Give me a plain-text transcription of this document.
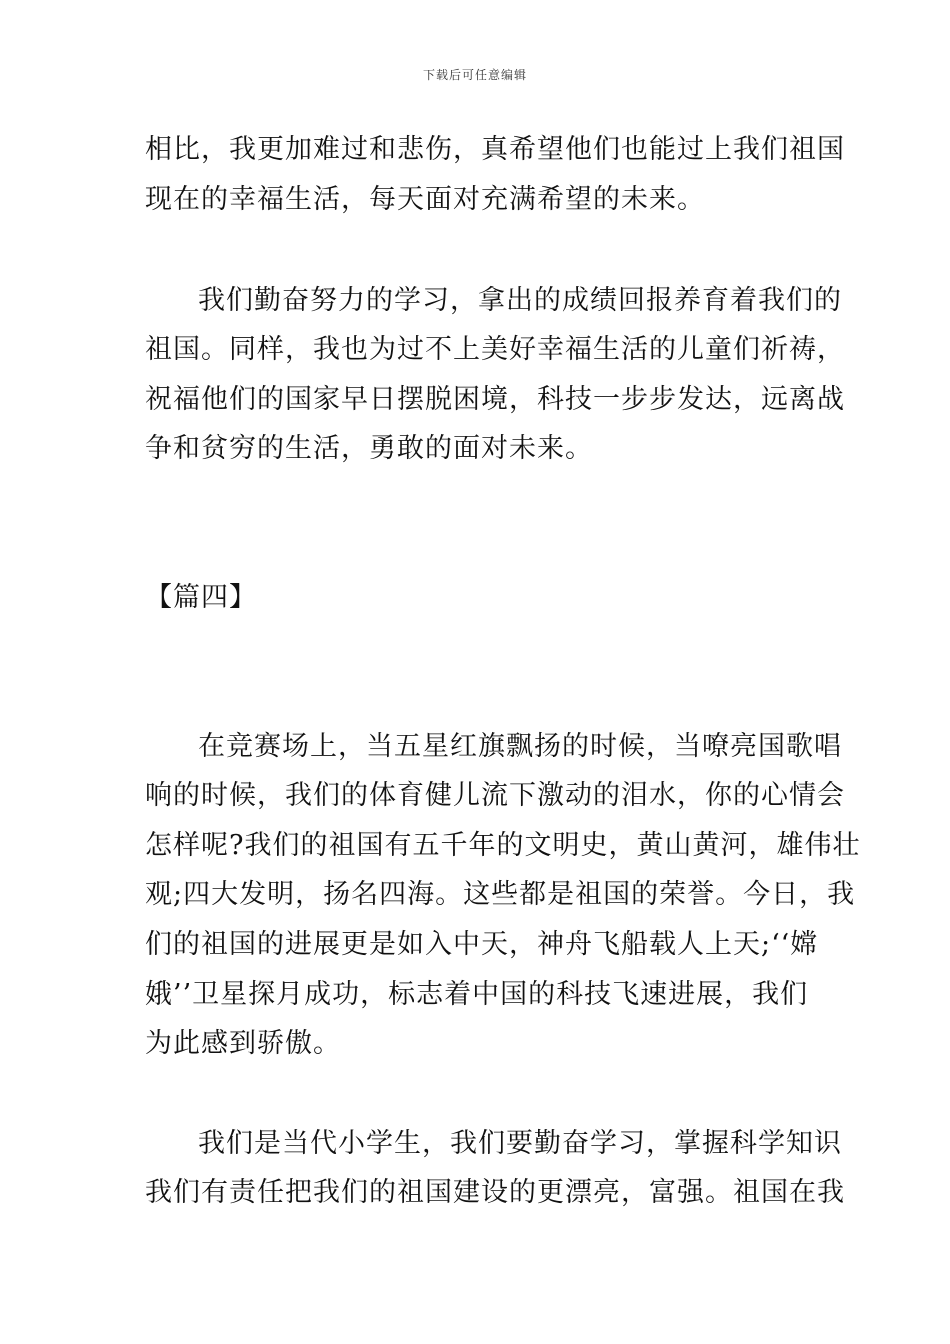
下载后可任意编辑
相比，我更加难过和悲伤，真希望他们也能过上我们祖国
现在的幸福生活，每天面对充满希望的未来。
我们勤奋努力的学习，拿出的成绩回报养育着我们的
祖国。同样，我也为过不上美好幸福生活的儿童们祈祷，
祝福他们的国家早日摆脱困境，科技一步步发达，远离战
争和贫穷的生活，勇敢的面对未来。
【篇四】
在竞赛场上，当五星红旗飘扬的时候，当嘹亮国歌唱
响的时候，我们的体育健儿流下激动的泪水，你的心情会
怎样呢?我们的祖国有五千年的文明史，黄山黄河，雄伟壮
观;四大发明，扬名四海。这些都是祖国的荣誉。今日，我
们的祖国的进展更是如入中天，神舟飞船载人上天;‘‘嫦
娥’’卫星探月成功，标志着中国的科技飞速进展，我们
为此感到骄傲。
我们是当代小学生，我们要勤奋学习，掌握科学知识
我们有责任把我们的祖国建设的更漂亮，富强。祖国在我
